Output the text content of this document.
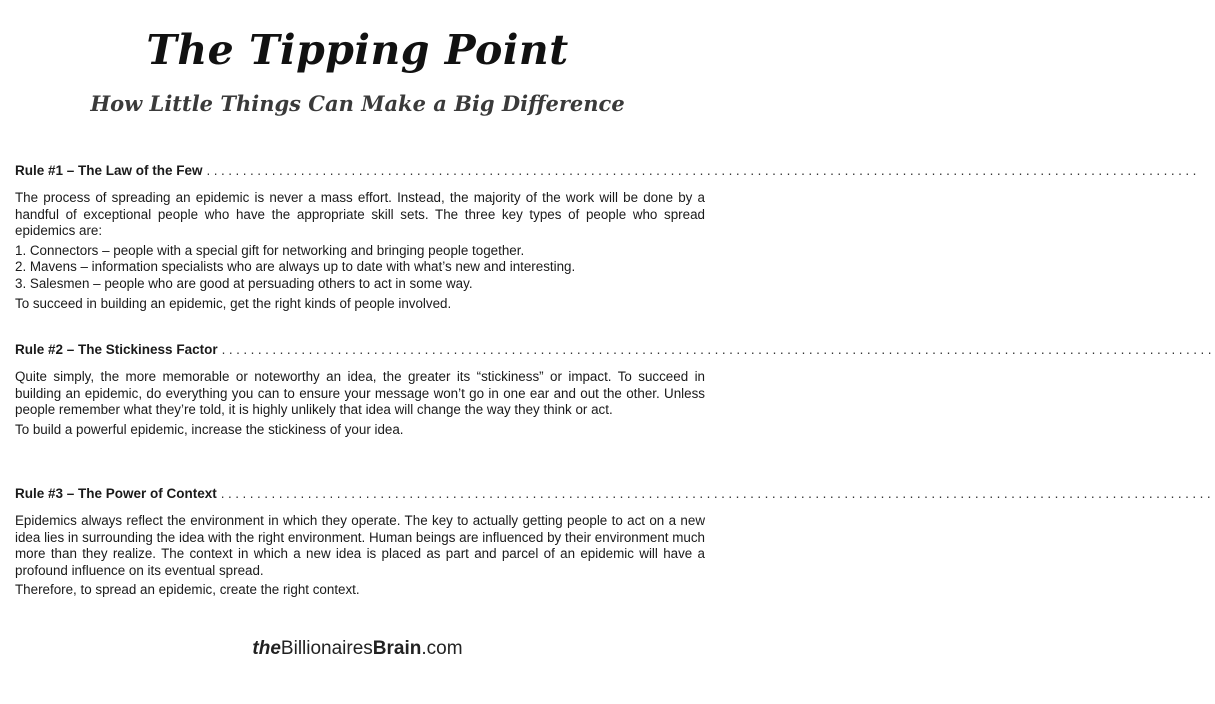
The Tipping Point
How Little Things Can Make a Big Difference
Rule #1 – The Law of the Few .........................................................................................................................................

The process of spreading an epidemic is never a mass effort. Instead, the majority of the work will be done by a handful of exceptional people who have the appropriate skill sets. The three key types of people who spread epidemics are:

1. Connectors – people with a special gift for networking and bringing people together.
2. Mavens – information specialists who are always up to date with what’s new and interesting.
3. Salesmen – people who are good at persuading others to act in some way.

To succeed in building an epidemic, get the right kinds of people involved.

Rule #2 – The Stickiness Factor .........................................................................................................................................

Quite simply, the more memorable or noteworthy an idea, the greater its “stickiness” or impact. To succeed in building an epidemic, do everything you can to ensure your message won’t go in one ear and out the other. Unless people remember what they’re told, it is highly unlikely that idea will change the way they think or act.

To build a powerful epidemic, increase the stickiness of your idea.

Rule #3 – The Power of Context .........................................................................................................................................

Epidemics always reflect the environment in which they operate. The key to actually getting people to act on a new idea lies in surrounding the idea with the right environment. Human beings are influenced by their environment much more than they realize. The context in which a new idea is placed as part and parcel of an epidemic will have a profound influence on its eventual spread.

Therefore, to spread an epidemic, create the right context.

theBillionairesBrain.com
